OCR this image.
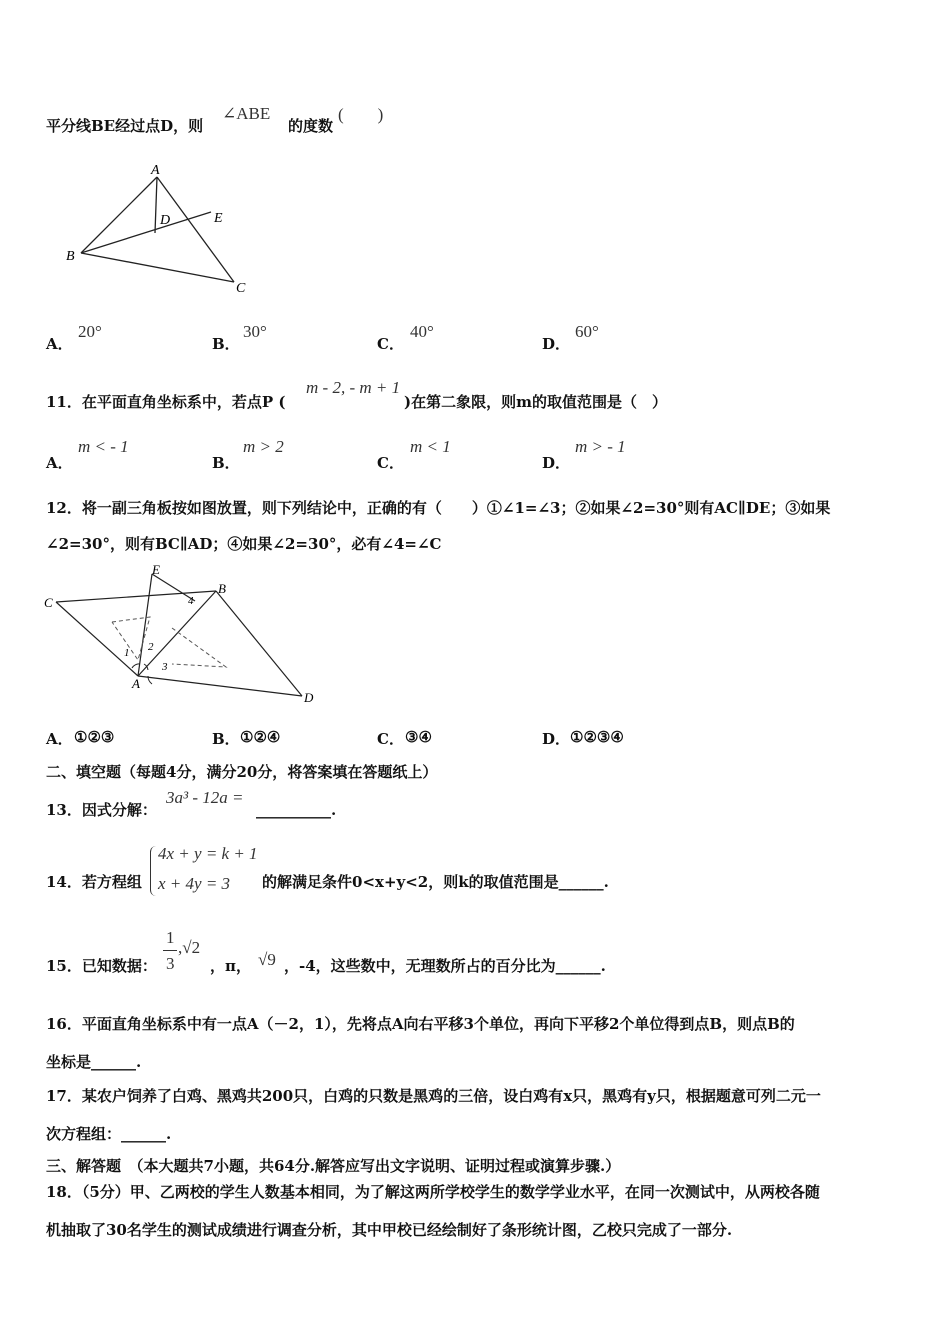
平分线BE经过点D，则
∠ABE
的度数
(　　)
A
D	E
B
C
A．
20°
B．
30°
C．
40°
D．
60°
11．在平面直角坐标系中，若点P (
m - 2, - m + 1
)在第二象限，则m的取值范围是（　）
A．
m < - 1
B．
m > 2
C．
m < 1
D．
m > - 1
12．将一副三角板按如图放置，则下列结论中，正确的有（　　）①∠1=∠3；②如果∠2=30°则有AC∥DE；③如果
∠2=30°，则有BC∥AD；④如果∠2=30°，必有∠4=∠C
E
B
C
A
D
1 2
3
4
A． ①②③	B． ①②④	C． ③④	D． ①②③④
二、填空题（每题4分，满分20分，将答案填在答题纸上）
13．因式分解：
3a³ - 12a =
__________.
14．若方程组
4x + y = k + 1
x + 4y = 3 的解满足条件0<x+y<2，则k的取值范围是______.
15．已知数据：
1
3
,√2
，π， √9 ，-4，这些数中，无理数所占的百分比为______.
16．平面直角坐标系中有一点A（－2，1），先将点A向右平移3个单位，再向下平移2个单位得到点B，则点B的
坐标是______.
17．某农户饲养了白鸡、黑鸡共200只，白鸡的只数是黑鸡的三倍，设白鸡有x只，黑鸡有y只，根据题意可列二元一
次方程组：______.
三、解答题　（本大题共7小题，共64分.解答应写出文字说明、证明过程或演算步骤.）
18．（5分）甲、乙两校的学生人数基本相同，为了解这两所学校学生的数学学业水平，在同一次测试中，从两校各随
机抽取了30名学生的测试成绩进行调查分析，其中甲校已经绘制好了条形统计图，乙校只完成了一部分.
